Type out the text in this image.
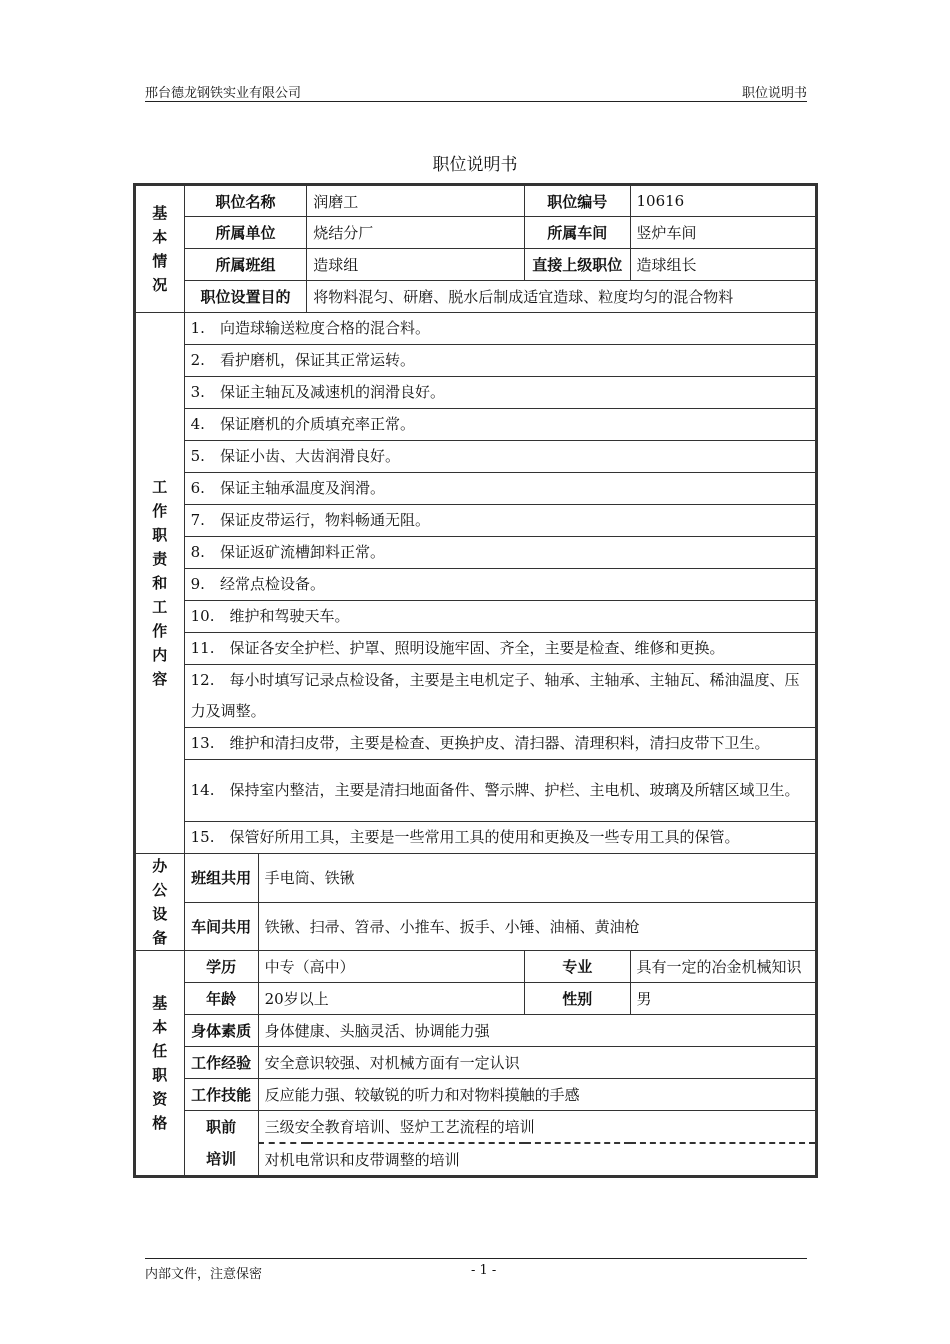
邢台德龙钢铁实业有限公司	职位说明书
职位说明书
基本情况	职位名称		润磨工	职位编号	10616
	所属单位		烧结分厂	所属车间	竖炉车间
	所属班组		造球组	直接上级职位	造球组长
	职位设置目的		将物料混匀、研磨、脱水后制成适宜造球、粒度均匀的混合物料		

工作职责和工作内容	1.　向造球输送粒度合格的混合料。				
	2.　看护磨机，保证其正常运转。				
	3.　保证主轴瓦及减速机的润滑良好。				
	4.　保证磨机的介质填充率正常。				
	5.　保证小齿、大齿润滑良好。				
	6.　保证主轴承温度及润滑。				
	7.　保证皮带运行，物料畅通无阻。				
	8.　保证返矿流槽卸料正常。				
	9.　经常点检设备。				
	10.　维护和驾驶天车。				
	11.　保证各安全护栏、护罩、照明设施牢固、齐全，主要是检查、维修和更换。				
	12.　每小时填写记录点检设备，主要是主电机定子、轴承、主轴承、主轴瓦、稀油温度、压力及调整。				
	13.　维护和清扫皮带，主要是检查、更换护皮、清扫器、清理积料，清扫皮带下卫生。				
	14.　保持室内整洁，主要是清扫地面备件、警示牌、护栏、主电机、玻璃及所辖区域卫生。				
	15.　保管好所用工具，主要是一些常用工具的使用和更换及一些专用工具的保管。				

办公设备	班组共用	手电筒、铁锹			
	车间共用	铁锹、扫帚、笤帚、小推车、扳手、小锤、油桶、黄油枪			

基本任职资格	学历	中专（高中）		专业	具有一定的冶金机械知识
	年龄	20岁以上		性别	男
	身体素质	身体健康、头脑灵活、协调能力强			
	工作经验	安全意识较强、对机械方面有一定认识			
	工作技能	反应能力强、较敏锐的听力和对物料摸触的手感			
	职前	三级安全教育培训、竖炉工艺流程的培训			
	培训	对机电常识和皮带调整的培训			
内部文件，注意保密	- 1 -
